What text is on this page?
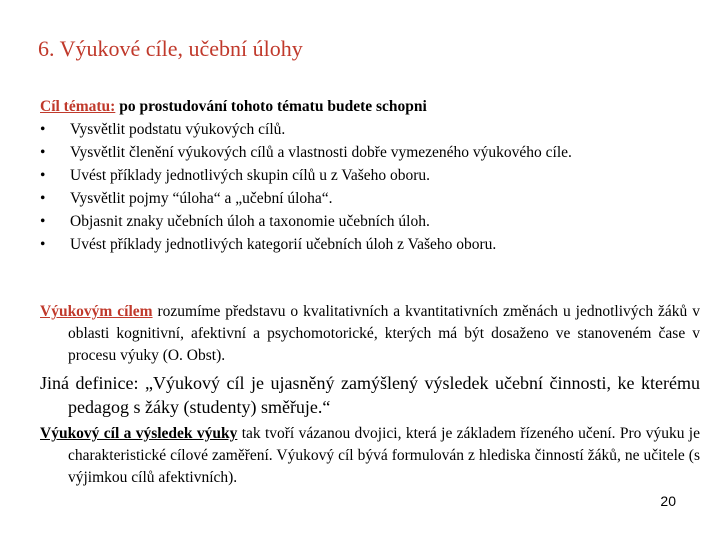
6. Výukové cíle, učební úlohy
Cíl tématu: po prostudování tohoto tématu budete schopni
• Vysvětlit podstatu výukových cílů.
• Vysvětlit členění výukových cílů a vlastnosti dobře vymezeného výukového cíle.
• Uvést příklady jednotlivých skupin cílů u z Vašeho oboru.
• Vysvětlit pojmy “úloha“ a „učební úloha“.
• Objasnit znaky učebních úloh a taxonomie učebních úloh.
• Uvést příklady jednotlivých kategorií učebních úloh z Vašeho oboru.
Výukovým cílem rozumíme představu o kvalitativních a kvantitativních změnách u jednotlivých žáků v oblasti kognitivní, afektivní a psychomotorické, kterých má být dosaženo ve stanoveném čase v procesu výuky (O. Obst).
Jiná definice: „Výukový cíl je ujasněný zamýšlený výsledek učební činnosti, ke kterému pedagog s žáky (studenty) směřuje.“
Výukový cíl a výsledek výuky tak tvoří vázanou dvojici, která je základem řízeného učení. Pro výuku je charakteristické cílové zaměření. Výukový cíl bývá formulován z hlediska činností žáků, ne učitele (s výjimkou cílů afektivních).
20
